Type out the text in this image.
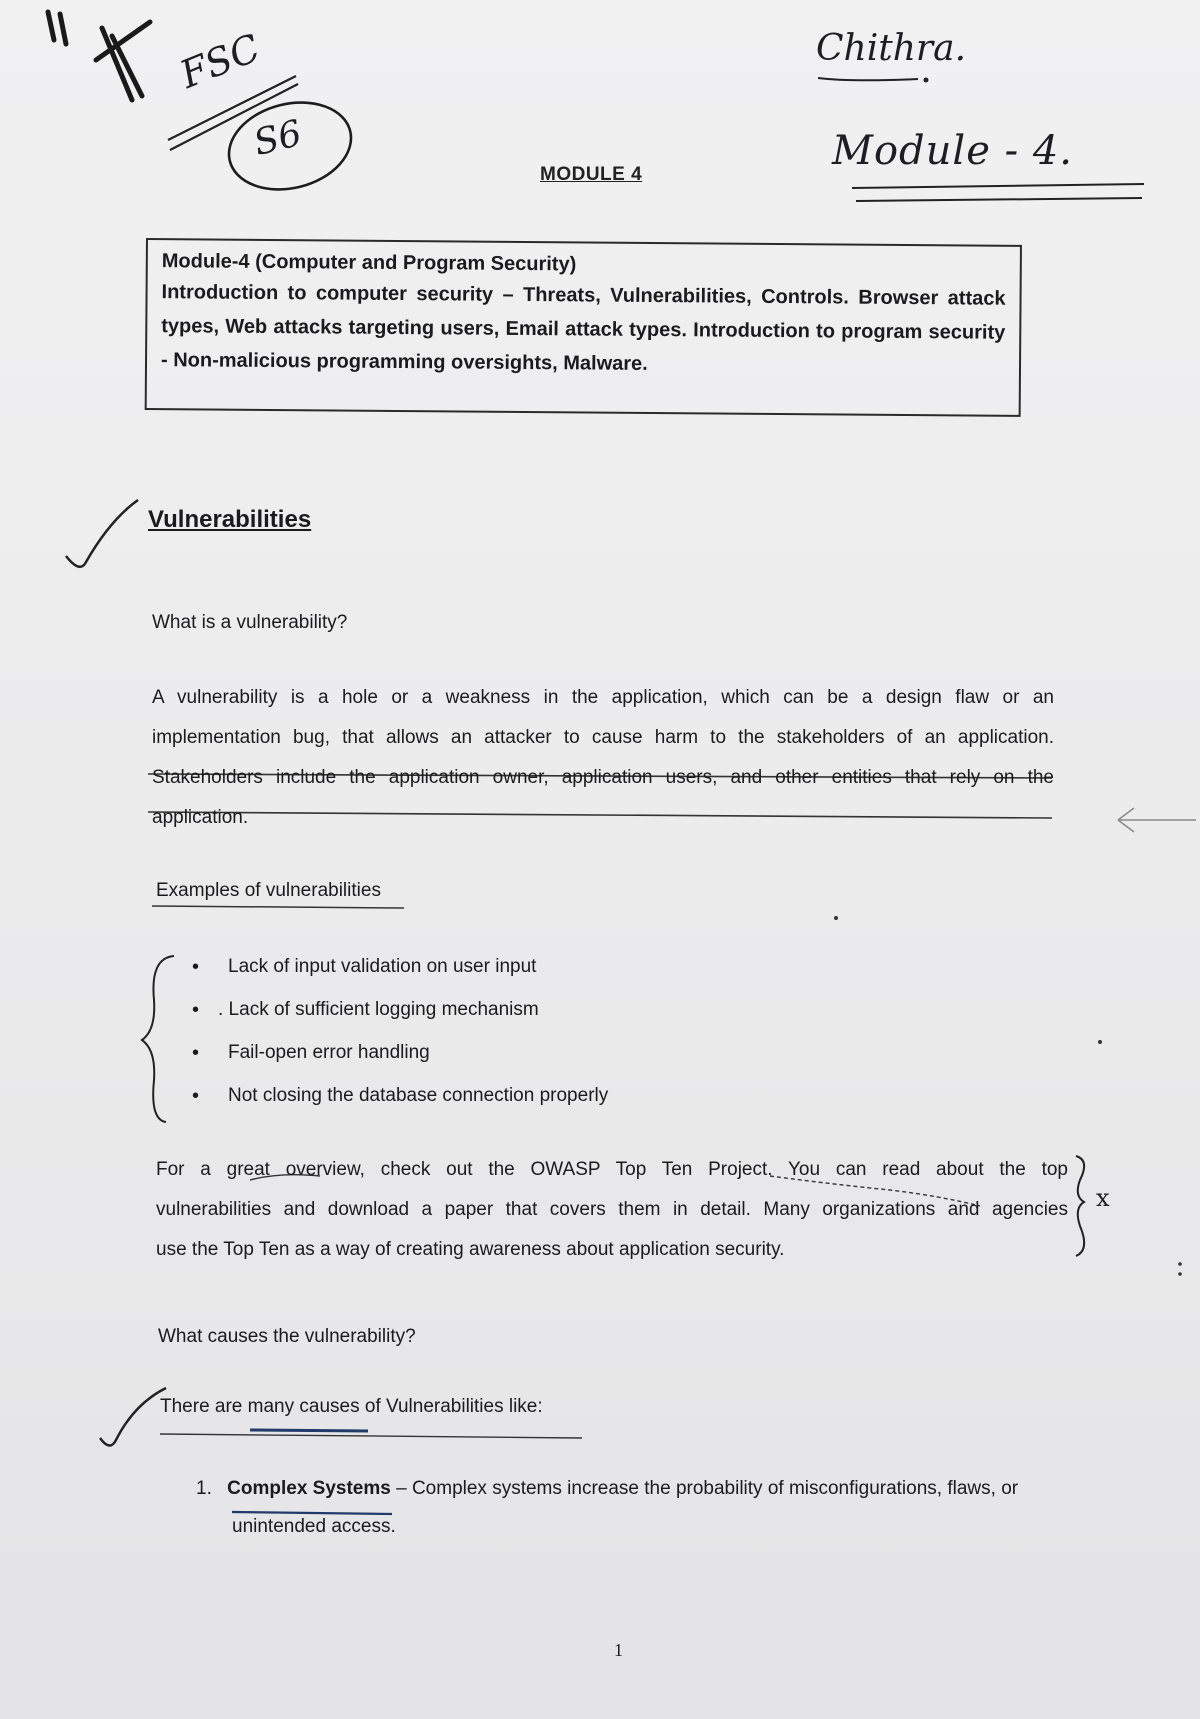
FSC
S6
Chithra.
Module - 4.
x
MODULE 4
Module-4 (Computer and Program Security)
Introduction to computer security – Threats, Vulnerabilities, Controls. Browser attack types, Web attacks targeting users, Email attack types. Introduction to program security - Non-malicious programming oversights, Malware.
Vulnerabilities
What is a vulnerability?
A vulnerability is a hole or a weakness in the application, which can be a design flaw or an
implementation bug, that allows an attacker to cause harm to the stakeholders of an application.
Stakeholders include the application owner, application users, and other entities that rely on the
application.
Examples of vulnerabilities
• Lack of input validation on user input
• . Lack of sufficient logging mechanism
• Fail-open error handling
• Not closing the database connection properly
For a great overview, check out the OWASP Top Ten Project. You can read about the top
vulnerabilities and download a paper that covers them in detail. Many organizations and agencies
use the Top Ten as a way of creating awareness about application security.
What causes the vulnerability?
There are many causes of Vulnerabilities like:
1. Complex Systems – Complex systems increase the probability of misconfigurations, flaws, or
unintended access.
1
